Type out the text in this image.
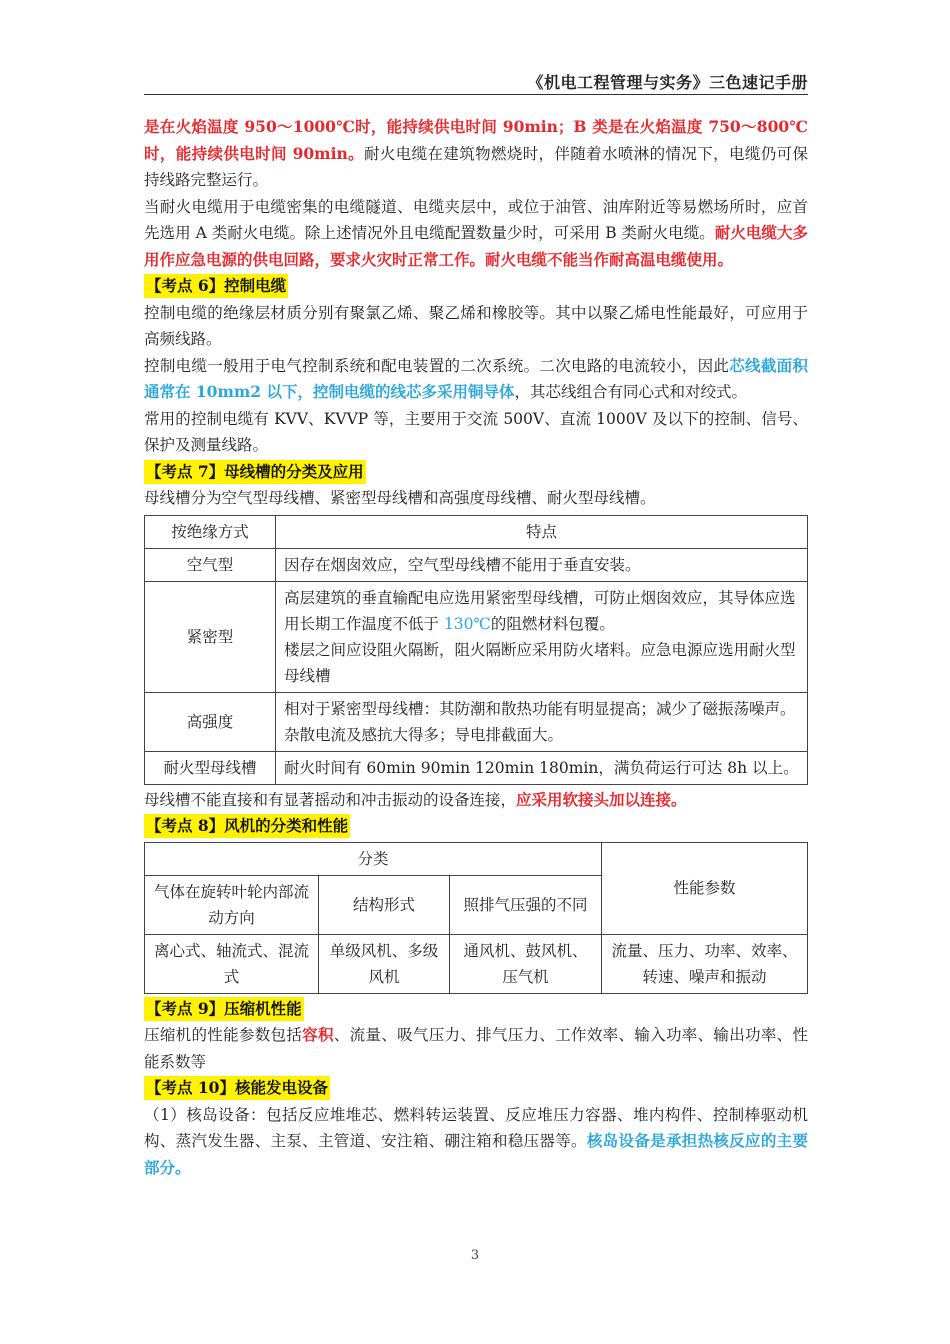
《机电工程管理与实务》三色速记手册

是在火焰温度 950～1000℃时，能持续供电时间 90min；B 类是在火焰温度 750～800℃时，能持续供电时间 90min。耐火电缆在建筑物燃烧时，伴随着水喷淋的情况下，电缆仍可保持线路完整运行。

当耐火电缆用于电缆密集的电缆隧道、电缆夹层中，或位于油管、油库附近等易燃场所时，应首先选用 A 类耐火电缆。除上述情况外且电缆配置数量少时，可采用 B 类耐火电缆。耐火电缆大多用作应急电源的供电回路，要求火灾时正常工作。耐火电缆不能当作耐高温电缆使用。

【考点 6】控制电缆

控制电缆的绝缘层材质分别有聚氯乙烯、聚乙烯和橡胶等。其中以聚乙烯电性能最好，可应用于高频线路。

控制电缆一般用于电气控制系统和配电装置的二次系统。二次电路的电流较小，因此芯线截面积通常在 10mm2 以下，控制电缆的线芯多采用铜导体，其芯线组合有同心式和对绞式。

常用的控制电缆有 KVV、KVVP 等，主要用于交流 500V、直流 1000V 及以下的控制、信号、保护及测量线路。

【考点 7】母线槽的分类及应用

母线槽分为空气型母线槽、紧密型母线槽和高强度母线槽、耐火型母线槽。

按绝缘方式	特点
空气型	因存在烟囱效应，空气型母线槽不能用于垂直安装。
紧密型	高层建筑的垂直输配电应选用紧密型母线槽，可防止烟囱效应，其导体应选用长期工作温度不低于 130℃的阻燃材料包覆。
楼层之间应设阻火隔断，阻火隔断应采用防火堵料。应急电源应选用耐火型母线槽
高强度	相对于紧密型母线槽：其防潮和散热功能有明显提高；减少了磁振荡噪声。杂散电流及感抗大得多；导电排截面大。
耐火型母线槽	耐火时间有 60min 90min 120min 180min，满负荷运行可达 8h 以上。

母线槽不能直接和有显著摇动和冲击振动的设备连接，应采用软接头加以连接。

【考点 8】风机的分类和性能
分类			性能参数
气体在旋转叶轮内部流动方向	结构形式	照排气压强的不同	
离心式、轴流式、混流式	单级风机、多级风机	通风机、鼓风机、压气机	流量、压力、功率、效率、转速、噪声和振动
【考点 9】压缩机性能

压缩机的性能参数包括容积、流量、吸气压力、排气压力、工作效率、输入功率、输出功率、性能系数等

【考点 10】核能发电设备

（1）核岛设备：包括反应堆堆芯、燃料转运装置、反应堆压力容器、堆内构件、控制棒驱动机构、蒸汽发生器、主泵、主管道、安注箱、硼注箱和稳压器等。核岛设备是承担热核反应的主要部分。

3
